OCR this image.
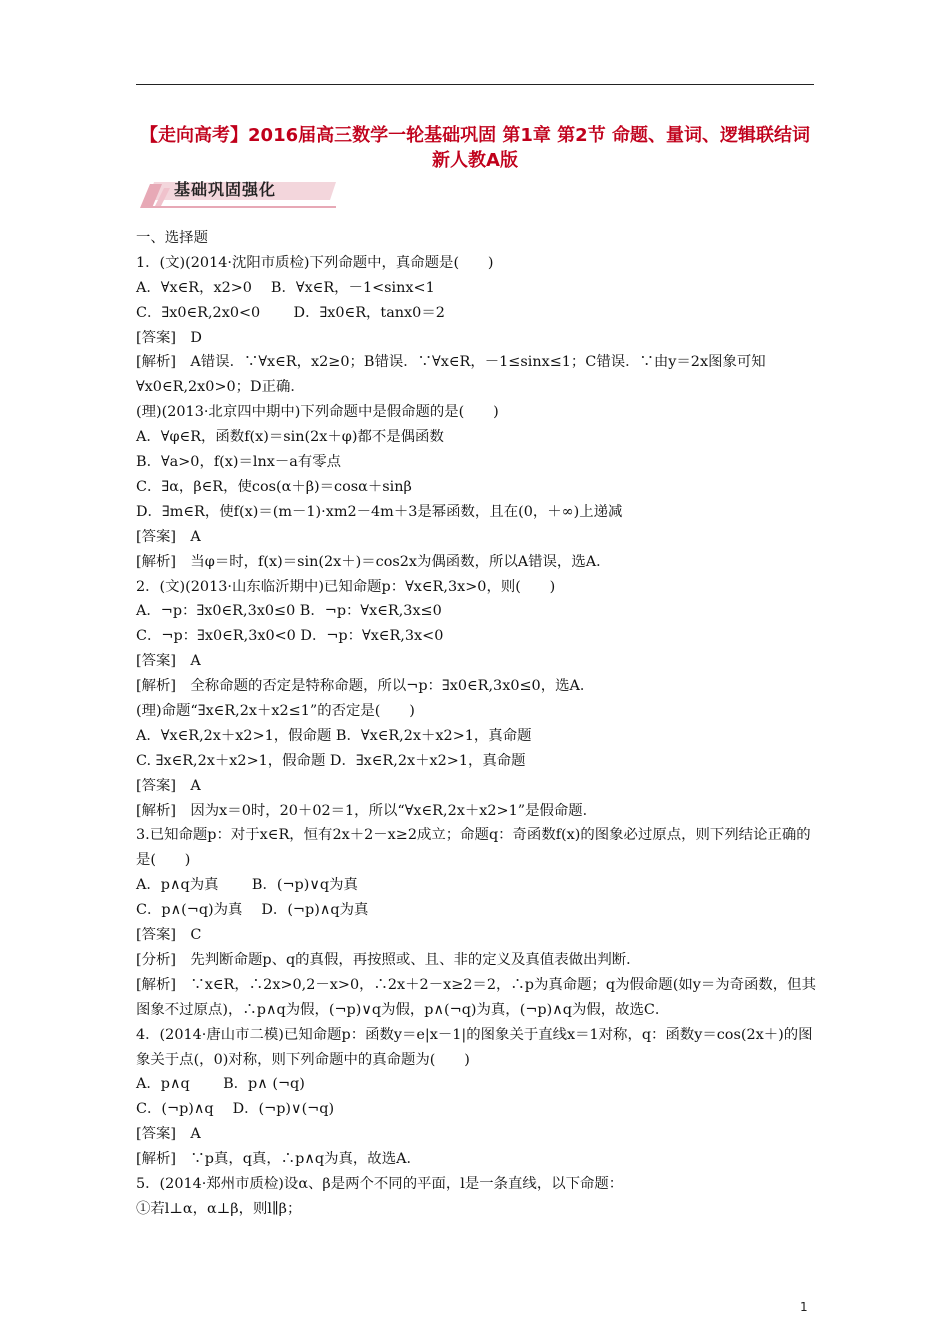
【走向高考】2016届高三数学一轮基础巩固 第1章 第2节 命题、量词、逻辑联结词 新人教A版
基础巩固强化
一、选择题
1．(文)(2014·沈阳市质检)下列命题中，真命题是(　　)
A．∀x∈R，x2>0　 B．∀x∈R，－1<sinx<1
C．∃x0∈R,2x0<0　　 D．∃x0∈R，tanx0＝2
[答案]　D
[解析]　A错误．∵∀x∈R，x2≥0；B错误．∵∀x∈R，－1≤sinx≤1；C错误．∵由y＝2x图象可知∀x0∈R,2x0>0；D正确．
(理)(2013·北京四中期中)下列命题中是假命题的是(　　)
A．∀φ∈R，函数f(x)＝sin(2x＋φ)都不是偶函数
B．∀a>0，f(x)＝lnx－a有零点
C．∃α，β∈R，使cos(α＋β)＝cosα＋sinβ
D．∃m∈R，使f(x)＝(m－1)·xm2－4m＋3是幂函数，且在(0，＋∞)上递减
[答案]　A
[解析]　当φ＝时，f(x)＝sin(2x＋)＝cos2x为偶函数，所以A错误，选A．
2．(文)(2013·山东临沂期中)已知命题p：∀x∈R,3x>0，则(　　)
A．¬p：∃x0∈R,3x0≤0 B．¬p：∀x∈R,3x≤0
C．¬p：∃x0∈R,3x0<0 D．¬p：∀x∈R,3x<0
[答案]　A
[解析]　全称命题的否定是特称命题，所以¬p：∃x0∈R,3x0≤0，选A．
(理)命题“∃x∈R,2x＋x2≤1”的否定是(　　)
A．∀x∈R,2x＋x2>1，假命题 B．∀x∈R,2x＋x2>1，真命题
C. ∃x∈R,2x＋x2>1，假命题 D．∃x∈R,2x＋x2>1，真命题
[答案]　A
[解析]　因为x＝0时，20＋02＝1，所以“∀x∈R,2x＋x2>1”是假命题．
3.已知命题p：对于x∈R，恒有2x＋2－x≥2成立；命题q：奇函数f(x)的图象必过原点，则下列结论正确的是(　　)
A．p∧q为真　　 B．(¬p)∨q为真
C．p∧(¬q)为真　 D．(¬p)∧q为真
[答案]　C
[分析]　先判断命题p、q的真假，再按照或、且、非的定义及真值表做出判断．
[解析]　∵x∈R，∴2x>0,2－x>0，∴2x＋2－x≥2＝2，∴p为真命题；q为假命题(如y＝为奇函数，但其图象不过原点)，∴p∧q为假，(¬p)∨q为假，p∧(¬q)为真，(¬p)∧q为假，故选C．
4．(2014·唐山市二模)已知命题p：函数y＝e|x－1|的图象关于直线x＝1对称，q：函数y＝cos(2x＋)的图象关于点(，0)对称，则下列命题中的真命题为(　　)
A．p∧q　　 B．p∧ (¬q)
C．(¬p)∧q　 D．(¬p)∨(¬q)
[答案]　A
[解析]　∵p真，q真，∴p∧q为真，故选A．
5．(2014·郑州市质检)设α、β是两个不同的平面，l是一条直线，以下命题：
①若l⊥α，α⊥β，则l∥β；
1
